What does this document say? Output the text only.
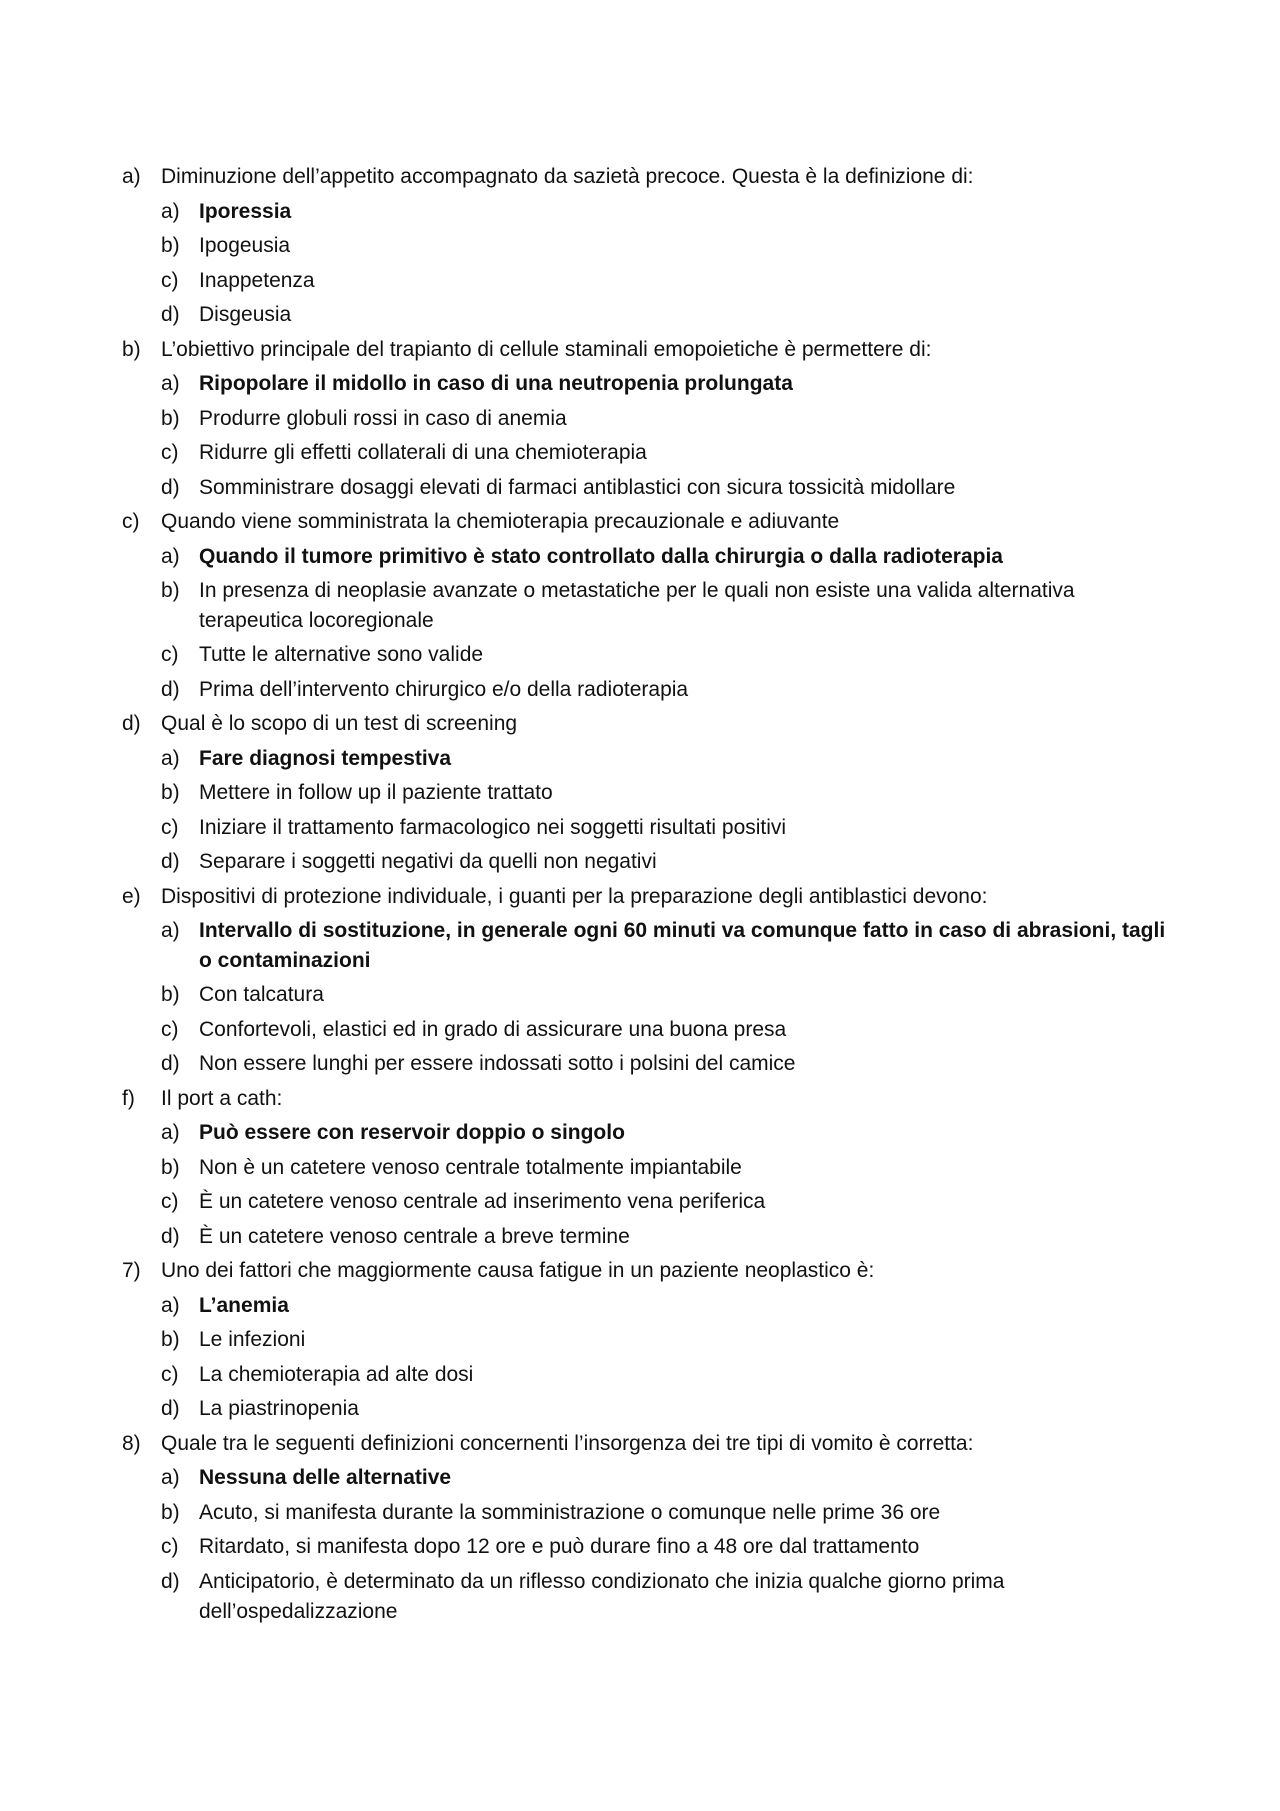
a) Diminuzione dell’appetito accompagnato da sazietà precoce. Questa è la definizione di:
a) Iporessia
b) Ipogeusia
c) Inappetenza
d) Disgeusia
b) L’obiettivo principale del trapianto di cellule staminali emopoietiche è permettere di:
a) Ripopolare il midollo in caso di una neutropenia prolungata
b) Produrre globuli rossi in caso di anemia
c) Ridurre gli effetti collaterali di una chemioterapia
d) Somministrare dosaggi elevati di farmaci antiblastici con sicura tossicità midollare
c)	Quando viene somministrata la chemioterapia precauzionale e adiuvante
a) Quando il tumore primitivo è stato controllato dalla chirurgia o dalla radioterapia
b) In presenza di neoplasie avanzate o metastatiche per le quali non esiste una valida alternativa terapeutica locoregionale
c) Tutte le alternative sono valide
d) Prima dell’intervento chirurgico e/o della radioterapia
d) Qual è lo scopo di un test di screening
a) Fare diagnosi tempestiva
b) Mettere in follow up il paziente trattato
c) Iniziare il trattamento farmacologico nei soggetti risultati positivi
d) Separare i soggetti negativi da quelli non negativi
e) Dispositivi di protezione individuale, i guanti per la preparazione degli antiblastici devono:
a) Intervallo di sostituzione, in generale ogni 60 minuti va comunque fatto in caso di abrasioni, tagli o contaminazioni
b) Con talcatura
c) Confortevoli, elastici ed in grado di assicurare una buona presa
d) Non essere lunghi per essere indossati sotto i polsini del camice
f)	Il port a cath:
a) Può essere con reservoir doppio o singolo
b) Non è un catetere venoso centrale totalmente impiantabile
c) È un catetere venoso centrale ad inserimento vena periferica
d) È un catetere venoso centrale a breve termine
7) Uno dei fattori che maggiormente causa fatigue in un paziente neoplastico è:
a) L’anemia
b) Le infezioni
c) La chemioterapia ad alte dosi
d) La piastrinopenia
8) Quale tra le seguenti definizioni concernenti l’insorgenza dei tre tipi di vomito è corretta:
a) Nessuna delle alternative
b) Acuto, si manifesta durante la somministrazione o comunque nelle prime 36 ore
c) Ritardato, si manifesta dopo 12 ore e può durare fino a 48 ore dal trattamento
d) Anticipatorio, è determinato da un riflesso condizionato che inizia qualche giorno prima dell’ospedalizzazione
